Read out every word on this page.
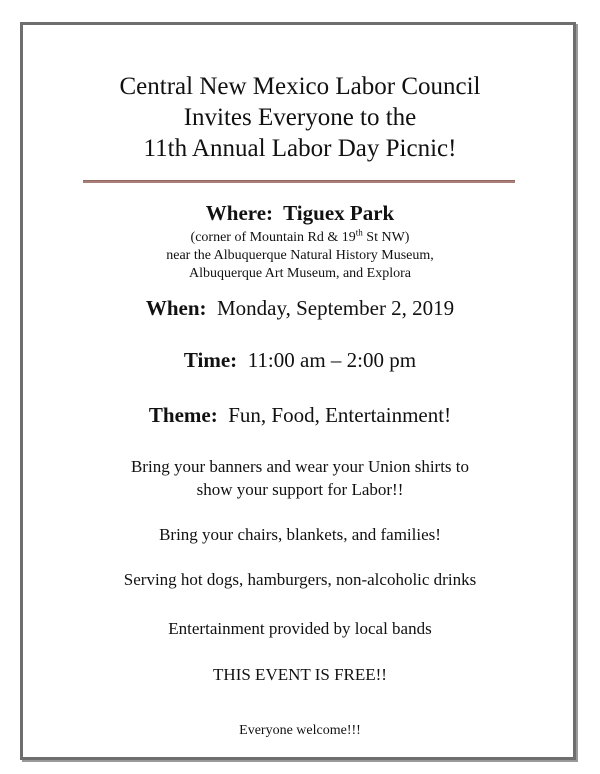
Central New Mexico Labor Council
Invites Everyone to the
11th Annual Labor Day Picnic!
Where: Tiguex Park
(corner of Mountain Rd & 19th St NW)
near the Albuquerque Natural History Museum,
Albuquerque Art Museum, and Explora
When: Monday, September 2, 2019
Time: 11:00 am – 2:00 pm
Theme: Fun, Food, Entertainment!
Bring your banners and wear your Union shirts to
show your support for Labor!!
Bring your chairs, blankets, and families!
Serving hot dogs, hamburgers, non-alcoholic drinks
Entertainment provided by local bands
THIS EVENT IS FREE!!
Everyone welcome!!!
